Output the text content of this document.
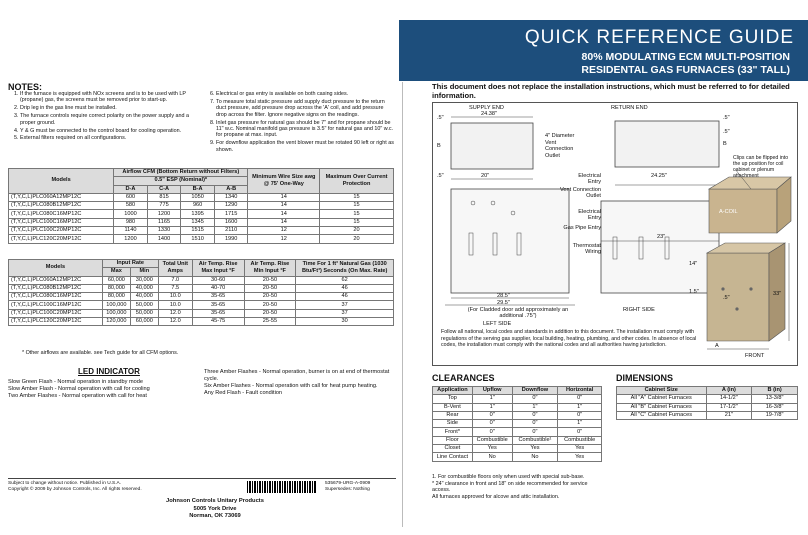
QUICK REFERENCE GUIDE
80% MODULATING ECM MULTI-POSITION
RESIDENTAL GAS FURNACES (33" TALL)
NOTES:
1. If the furnace is equipped with NOx screens and is to be used with LP (propane) gas, the screens must be removed prior to start-up.
2. Drip leg in the gas line must be installed.
3. The furnace controls require correct polarity on the power supply and a proper ground.
4. Y & G must be connected to the control board for cooling operation.
5. External filters required on all configurations.
6. Electrical or gas entry is available on both casing sides.
7. To measure total static pressure add supply duct pressure to the return duct pressure, add pressure drop across the 'A' coil, and add pressure drop across the filter. Ignore negative signs on the readings.
8. Inlet gas pressure for natural gas should be 7" and for propane should be 11" w.c. Nominal manifold gas pressure is 3.5" for natural gas and 10" w.c. for propane at max. input.
9. For downflow application the vent blower must be rotated 90 left or right as shown.
Models	Airflow CFM (Bottom Return without Filters)				Minimum Wire Size awg @ 75' One-Way	Maximum Over Current Protection
	0.5" ESP (Nominal)*					
	D-A	C-A	B-A	A-B		
(T,Y,C,L)PLC060A12MP12C	600	815	1050	1340	14	15
(T,Y,C,L)PLC080B12MP12C	580	775	960	1290	14	15
(T,Y,C,L)PLC080C16MP12C	1000	1200	1395	1715	14	15
(T,Y,C,L)PLC100C16MP12C	980	1165	1345	1600	14	15
(T,Y,C,L)PLC100C20MP12C	1140	1330	1515	2110	12	20
(T,Y,C,L)PLC120C20MP12C	1200	1400	1510	1990	12	20
Models	Input Rate		Total Unit Amps	Air Temp. Rise Max Input °F	Air Temp. Rise Min Input °F	Time For 1 ft³ Natural Gas (1030 Btu/Ft³) Seconds (On Max. Rate)
	Max	Min				
(T,Y,C,L)PLC060A12MP12C	60,000	30,000	7.0	30-60	20-50	62
(T,Y,C,L)PLC080B12MP12C	80,000	40,000	7.5	40-70	20-50	46
(T,Y,C,L)PLC080C16MP12C	80,000	40,000	10.0	35-65	20-50	46
(T,Y,C,L)PLC100C16MP12C	100,000	50,000	10.0	35-65	20-50	37
(T,Y,C,L)PLC100C20MP12C	100,000	50,000	12.0	35-65	20-50	37
(T,Y,C,L)PLC120C20MP12C	120,000	60,000	12.0	45-75	25-55	30
* Other airflows are available. see Tech guide for all CFM options.
LED INDICATOR

Slow Green Flash - Normal operation in standby mode

Slow Amber Flash - Normal operation with call for cooling

Two Amber Flashes - Normal operation with call for heat

Three Amber Flashes - Normal operation, burner is on at end of thermostat cycle.

Six Amber Flashes - Normal operation with call for heat pump heating.

Any Red Flash - Fault condition

Subject to change without notice. Published in U.S.A.
Copyright © 2009 by Johnson Controls, Inc. All rights reserved.
535679-URG-A-0909
Supersedes: Nothing
Johnson Controls Unitary Products
5005 York Drive
Norman, OK 73069
This document does not replace the installation instructions, which must be referred to for detailed information.
SUPPLY END	RETURN END
24.38"
4" Diameter Vent Connection Outlet
.5"
B
.5"	20"
.5"
.5"
B
24.25"
Clips can be flipped into the up position for coil cabinet or plenum attachment
A-COIL
Electrical Entry
Vent Connection Outlet
Electrical Entry
Gas Pipe Entry
Thermostat Wiring
23"
14"
1.5"
.5"
33"
28.5"
29.5"
(For Cladded door add approximately an additional .75")
LEFT SIDE
RIGHT SIDE
A
FRONT
Follow all national, local codes and standards in addition to this document. The installation must comply with regulations of the serving gas supplier, local building, heating, plumbing, and other codes. In absence of local codes, the installation must comply with the national codes and all authorities having jurisdiction.
CLEARANCES
Application	Upflow	Downflow	Horizontal
Top	1"	0"	0"
B-Vent	1"	1"	1"
Rear	0"	0"	0"
Side	0"	0"	1"
Front*	0"	0"	0"
Floor	Combustible	Combustible¹	Combustible
Closet	Yes	Yes	Yes
Line Contact	No	No	Yes
1. For combustible floors only when used with special sub-base.
* 24" clearance in front and 18" on side recommended for service access.
All furnaces approved for alcove and attic installation.
DIMENSIONS
Cabinet Size	A (in)	B (in)
All "A" Cabinet Furnaces	14-1/2"	13-3/8"
All "B" Cabinet Furnaces	17-1/2"	16-3/8"
All "C" Cabinet Furnaces	21"	19-7/8"
